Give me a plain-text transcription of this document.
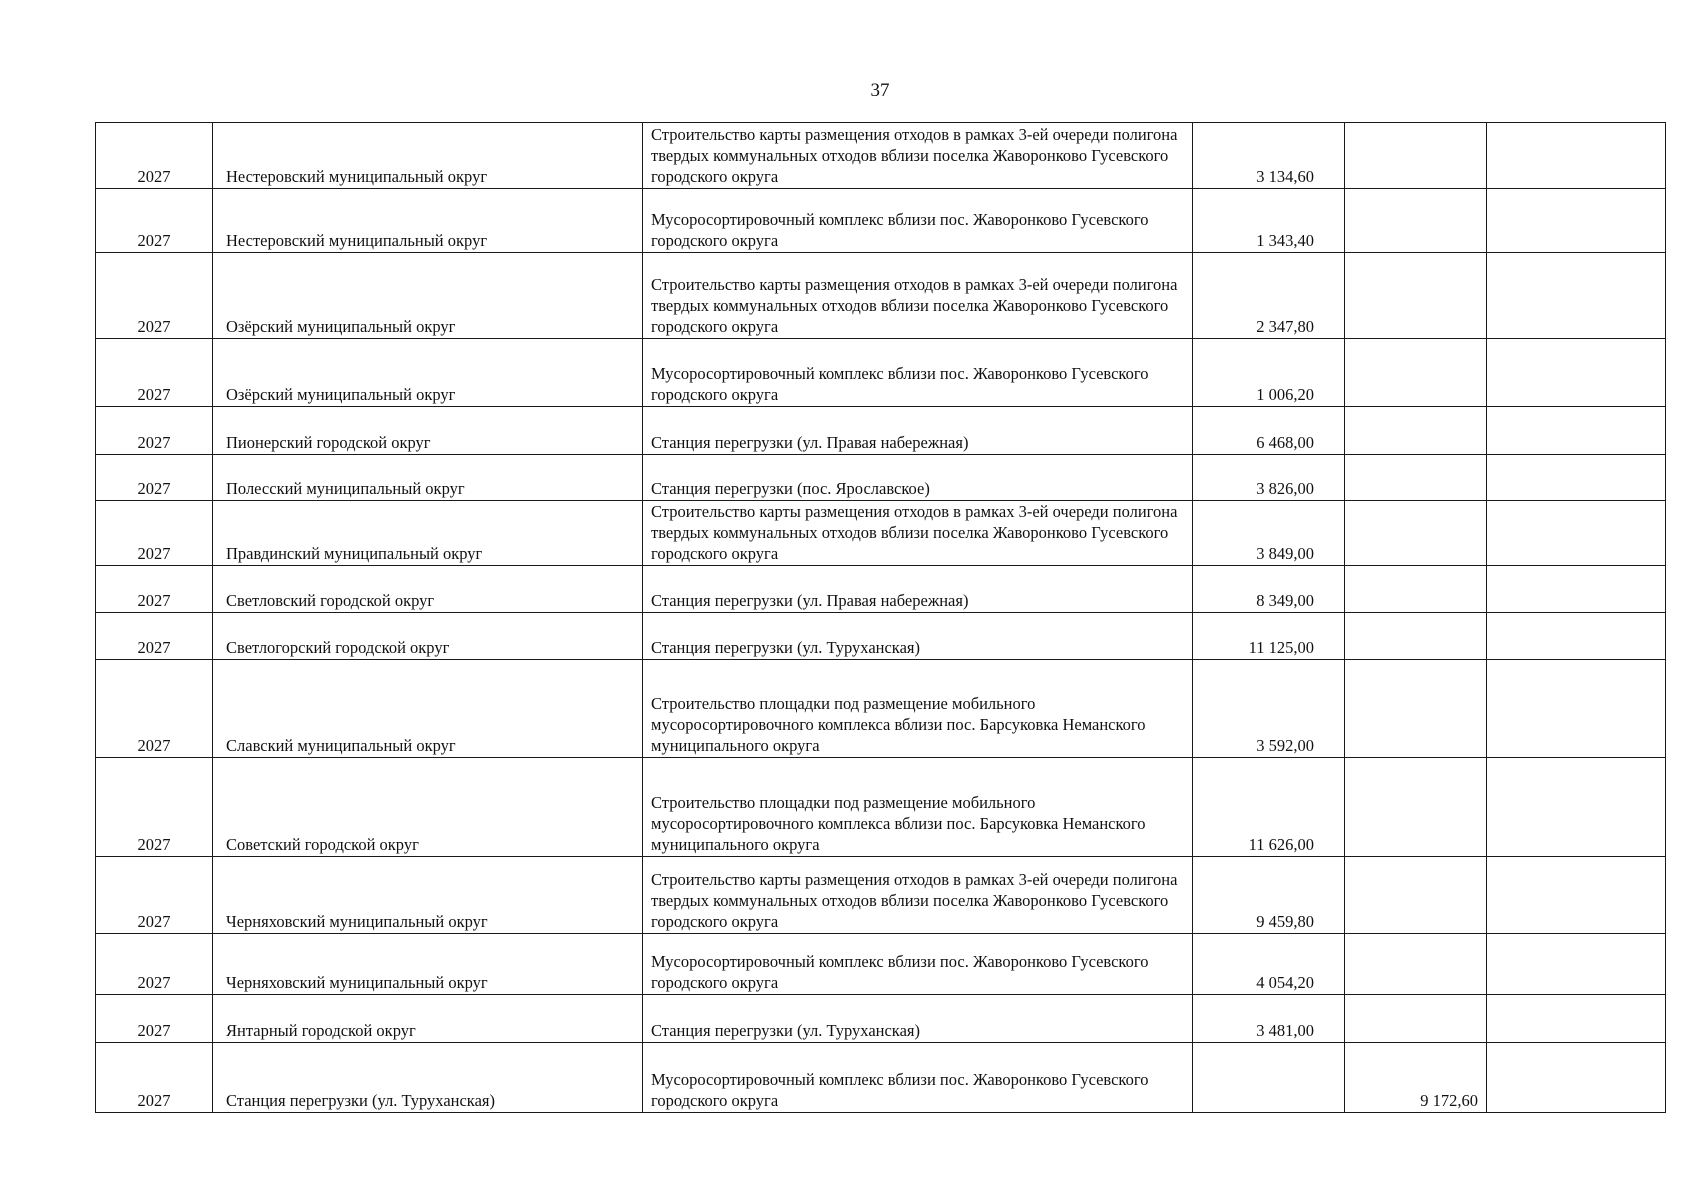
37
2027	Нестеровский муниципальный округ	Строительство карты размещения отходов в рамках 3-ей очереди полигона твердых коммунальных отходов вблизи поселка Жаворонково Гусевского городского округа	3 134,60		
2027	Нестеровский муниципальный округ	Мусоросортировочный комплекс вблизи пос. Жаворонково Гусевского городского округа	1 343,40		
2027	Озёрский муниципальный округ	Строительство карты размещения отходов в рамках 3-ей очереди полигона твердых коммунальных отходов вблизи поселка Жаворонково Гусевского городского округа	2 347,80		
2027	Озёрский муниципальный округ	Мусоросортировочный комплекс вблизи пос. Жаворонково Гусевского городского округа	1 006,20		
2027	Пионерский городской округ	Станция перегрузки (ул. Правая набережная)	6 468,00		
2027	Полесский муниципальный округ	Станция перегрузки (пос. Ярославское)	3 826,00		
2027	Правдинский муниципальный округ	Строительство карты размещения отходов в рамках 3-ей очереди полигона твердых коммунальных отходов вблизи поселка Жаворонково Гусевского городского округа	3 849,00		
2027	Светловский городской округ	Станция перегрузки (ул. Правая набережная)	8 349,00		
2027	Светлогорский городской округ	Станция перегрузки (ул. Туруханская)	11 125,00		
2027	Славский муниципальный округ	Строительство площадки под размещение мобильного мусоросортировочного комплекса вблизи пос. Барсуковка Неманского муниципального округа	3 592,00		
2027	Советский городской округ	Строительство площадки под размещение мобильного мусоросортировочного комплекса вблизи пос. Барсуковка Неманского муниципального округа	11 626,00		
2027	Черняховский муниципальный округ	Строительство карты размещения отходов в рамках 3-ей очереди полигона твердых коммунальных отходов вблизи поселка Жаворонково Гусевского городского округа	9 459,80		
2027	Черняховский муниципальный округ	Мусоросортировочный комплекс вблизи пос. Жаворонково Гусевского городского округа	4 054,20		
2027	Янтарный городской округ	Станция перегрузки (ул. Туруханская)	3 481,00		
2027	Станция перегрузки (ул. Туруханская)	Мусоросортировочный комплекс вблизи пос. Жаворонково Гусевского городского округа		9 172,60	
